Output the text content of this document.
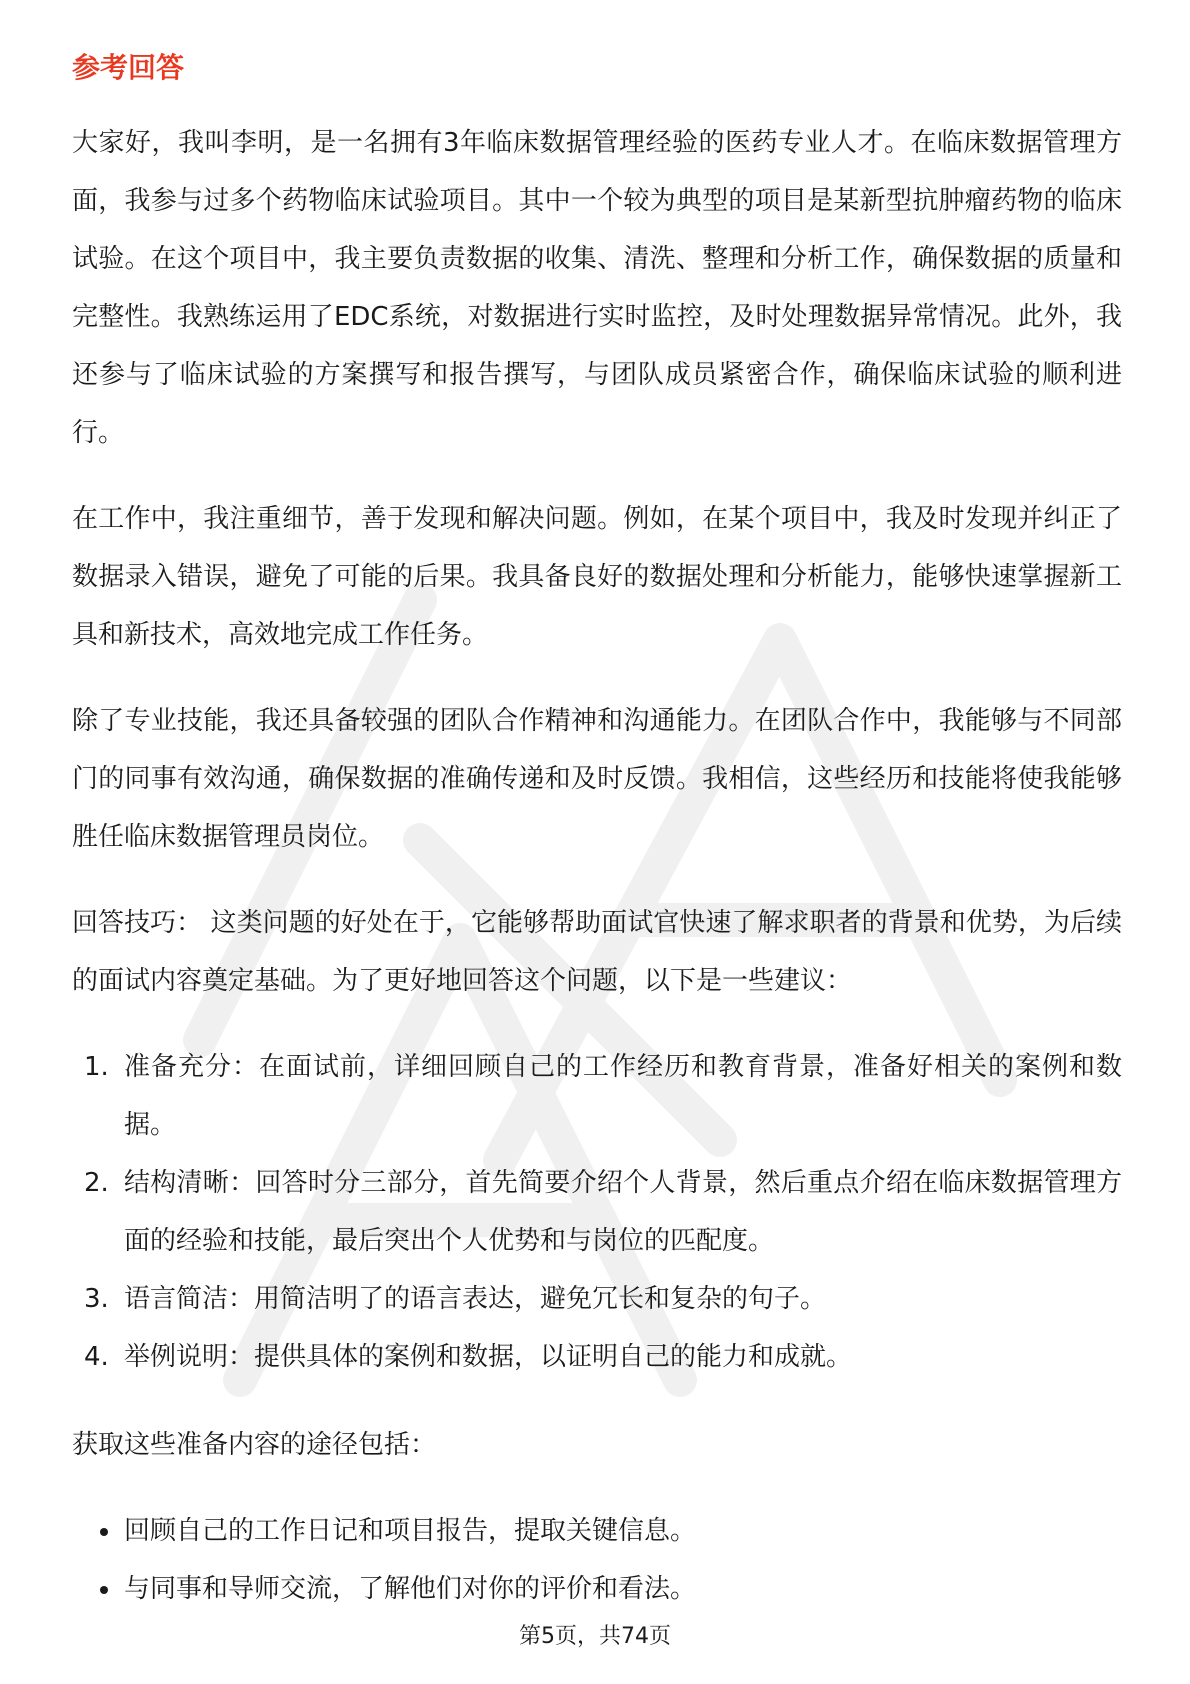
参考回答

大家好，我叫李明，是一名拥有3年临床数据管理经验的医药专业人才。在临床数据管理方面，我参与过多个药物临床试验项目。其中一个较为典型的项目是某新型抗肿瘤药物的临床试验。在这个项目中，我主要负责数据的收集、清洗、整理和分析工作，确保数据的质量和完整性。我熟练运用了EDC系统，对数据进行实时监控，及时处理数据异常情况。此外，我还参与了临床试验的方案撰写和报告撰写，与团队成员紧密合作，确保临床试验的顺利进行。

在工作中，我注重细节，善于发现和解决问题。例如，在某个项目中，我及时发现并纠正了数据录入错误，避免了可能的后果。我具备良好的数据处理和分析能力，能够快速掌握新工具和新技术，高效地完成工作任务。

除了专业技能，我还具备较强的团队合作精神和沟通能力。在团队合作中，我能够与不同部门的同事有效沟通，确保数据的准确传递和及时反馈。我相信，这些经历和技能将使我能够胜任临床数据管理员岗位。

回答技巧： 这类问题的好处在于，它能够帮助面试官快速了解求职者的背景和优势，为后续的面试内容奠定基础。为了更好地回答这个问题，以下是一些建议：

1. 准备充分：在面试前，详细回顾自己的工作经历和教育背景，准备好相关的案例和数据。
2. 结构清晰：回答时分三部分，首先简要介绍个人背景，然后重点介绍在临床数据管理方面的经验和技能，最后突出个人优势和与岗位的匹配度。
3. 语言简洁：用简洁明了的语言表达，避免冗长和复杂的句子。
4. 举例说明：提供具体的案例和数据，以证明自己的能力和成就。

获取这些准备内容的途径包括：

回顾自己的工作日记和项目报告，提取关键信息。
与同事和导师交流，了解他们对你的评价和看法。
第5页，共74页
